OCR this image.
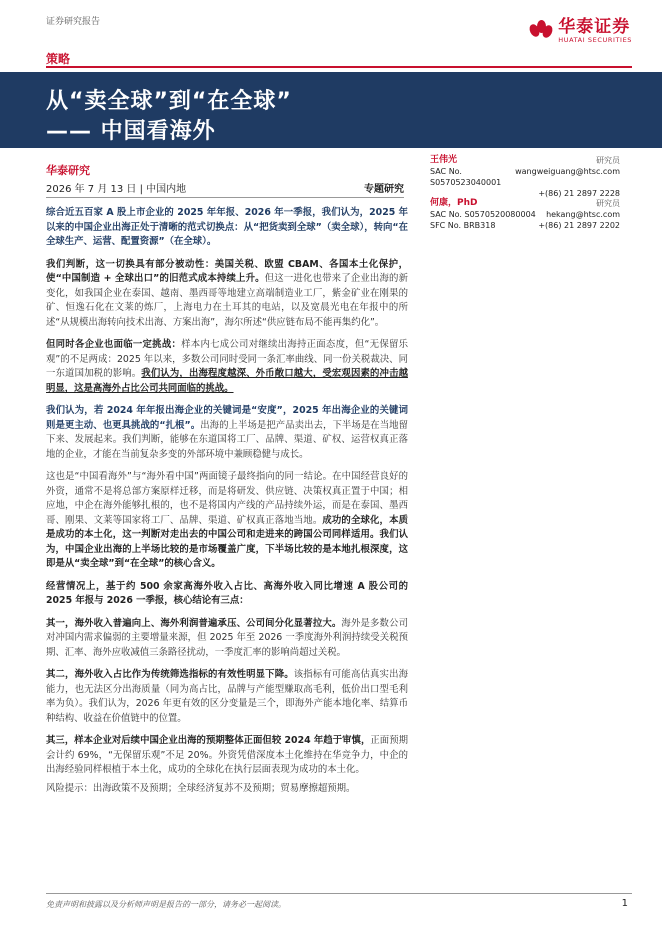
证券研究报告	华泰证券
HUATAI SECURITIES
策略
从“卖全球”到“在全球”
—— 中国看海外
华泰研究
2026 年 7 月 13 日 | 中国内地	专题研究
王伟光	研究员
SAC No. S0570523040001
wangweiguang@htsc.com
+(86) 21 2897 2228
何康，PhD	研究员
SAC No. S0570520080004 hekang@htsc.com
SFC No. BRB318	+(86) 21 2897 2202

综合近五百家 A 股上市企业的 2025 年年报、2026 年一季报，我们认为，2025 年以来的中国企业出海正处于清晰的范式切换点：从“把货卖到全球”（卖全球），转向“在全球生产、运营、配置资源”（在全球）。

我们判断，这一切换具有部分被动性：美国关税、欧盟 CBAM、各国本土化保护，使“中国制造 + 全球出口”的旧范式成本持续上升。但这一进化也带来了企业出海的新变化，如我国企业在泰国、越南、墨西哥等地建立高端制造业工厂，紫金矿业在刚果的矿、恒逸石化在文莱的炼厂，上海电力在土耳其的电站，以及宽晨光电在年报中的所述“从规模出海转向技术出海、方案出海”，海尔所述“供应链布局不能再集约化”。

但同时各企业也面临一定挑战：样本内七成公司对继续出海持正面态度，但“无保留乐观”的不足两成：2025 年以来，多数公司同时受同一条汇率曲线、同一份关税裁决、同一东道国加税的影响。我们认为，出海程度越深、外币敞口越大，受宏观因素的冲击越明显，这是高海外占比公司共同面临的挑战。

我们认为，若 2024 年年报出海企业的关键词是“安度”，2025 年出海企业的关键词则是更主动、也更具挑战的“扎根”。出海的上半场是把产品卖出去，下半场是在当地留下来、发展起来。我们判断，能够在东道国将工厂、品牌、渠道、矿权、运营权真正落地的企业，才能在当前复杂多变的外部环境中兼顾稳健与成长。

这也是“中国看海外”与“海外看中国”两面镜子最终指向的同一结论。在中国经营良好的外资，通常不是将总部方案原样迁移，而是将研发、供应链、决策权真正置于中国；相应地，中企在海外能够扎根的，也不是将国内产线的产品持续外运，而是在泰国、墨西哥、刚果、文莱等国家将工厂、品牌、渠道、矿权真正落地当地。成功的全球化，本质是成功的本土化，这一判断对走出去的中国公司和走进来的跨国公司同样适用。我们认为，中国企业出海的上半场比较的是市场覆盖广度，下半场比较的是本地扎根深度，这即是从“卖全球”到“在全球”的核心含义。

经营情况上，基于约 500 余家高海外收入占比、高海外收入同比增速 A 股公司的 2025 年报与 2026 一季报，核心结论有三点：

其一，海外收入普遍向上、海外利润普遍承压、公司间分化显著拉大。海外是多数公司对冲国内需求偏弱的主要增量来源，但 2025 年至 2026 一季度海外利润持续受关税预期、汇率、海外应收减值三条路径扰动，一季度汇率的影响尚超过关税。

其二，海外收入占比作为传统筛选指标的有效性明显下降。该指标有可能高估真实出海能力，也无法区分出海质量（同为高占比，品牌与产能型赚取高毛利，低价出口型毛利率为负）。我们认为，2026 年更有效的区分变量是三个，即海外产能本地化率、结算币种结构、收益在价值链中的位置。

其三，样本企业对后续中国企业出海的预期整体正面但较 2024 年趋于审慎，正面预期会计约 69%，“无保留乐观”不足 20%。外资凭借深度本土化维持在华竞争力，中企的出海经验同样根植于本土化，成功的全球化在执行层面表现为成功的本土化。

风险提示：出海政策不及预期；全球经济复苏不及预期；贸易摩擦超预期。

免责声明和披露以及分析师声明是报告的一部分，请务必一起阅读。	1
